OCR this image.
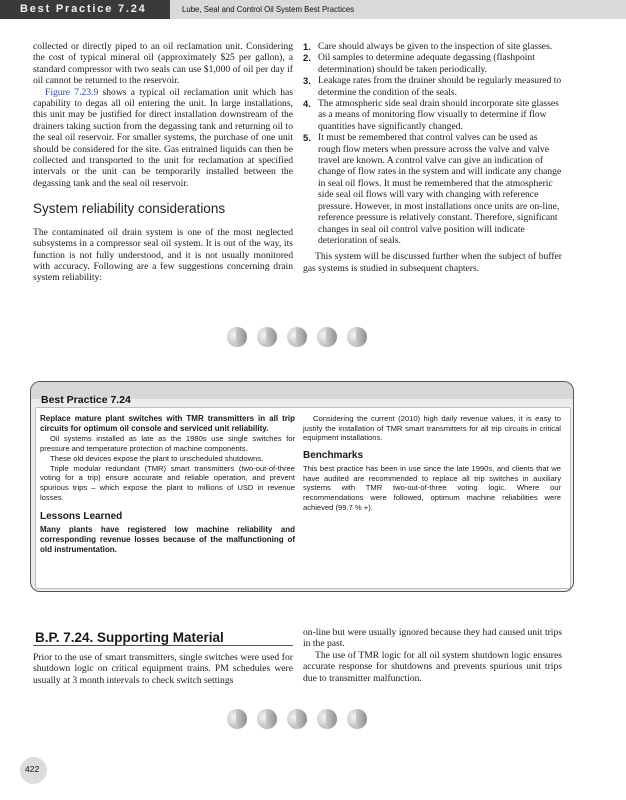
Best Practice 7.24	Lube, Seal and Control Oil System Best Practices

collected or directly piped to an oil reclamation unit. Considering the cost of typical mineral oil (approximately $25 per gallon), a standard compressor with two seals can use $1,000 of oil per day if oil cannot be returned to the reservoir.

Figure 7.23.9 shows a typical oil reclamation unit which has capability to degas all oil entering the unit. In large installations, this unit may be justified for direct installation downstream of the drainers taking suction from the degassing tank and returning oil to the seal oil reservoir. For smaller systems, the purchase of one unit should be considered for the site. Gas entrained liquids can then be collected and transported to the unit for reclamation at specified intervals or the unit can be temporarily installed between the degassing tank and the seal oil reservoir.

System reliability considerations

The contaminated oil drain system is one of the most neglected subsystems in a compressor seal oil system. It is out of the way, its function is not fully understood, and it is not usually monitored with accuracy. Following are a few suggestions concerning drain system reliability:

1. Care should always be given to the inspection of site glasses.
2. Oil samples to determine adequate degassing (flashpoint determination) should be taken periodically.
3. Leakage rates from the drainer should be regularly measured to determine the condition of the seals.
4. The atmospheric side seal drain should incorporate site glasses as a means of monitoring flow visually to determine if flow quantities have significantly changed.
5. It must be remembered that control valves can be used as rough flow meters when pressure across the valve and valve travel are known. A control valve can give an indication of change of flow rates in the system and will indicate any change in seal oil flows. It must be remembered that the atmospheric side seal oil flows will vary with changing with reference pressure. However, in most installations once units are on-line, reference pressure is relatively constant. Therefore, significant changes in seal oil control valve position will indicate deterioration of seals.

This system will be discussed further when the subject of buffer gas systems is studied in subsequent chapters.

Best Practice 7.24

Replace mature plant switches with TMR transmitters in all trip circuits for optimum oil console and serviced unit reliability.

Oil systems installed as late as the 1980s use single switches for pressure and temperature protection of machine components.

These old devices expose the plant to unscheduled shutdowns.

Triple modular redundant (TMR) smart transmitters (two-out-of-three voting for a trip) ensure accurate and reliable operation, and prevent spurious trips – which expose the plant to millions of USD in revenue losses.

Lessons Learned

Many plants have registered low machine reliability and corresponding revenue losses because of the malfunctioning of old instrumentation.

Considering the current (2010) high daily revenue values, it is easy to justify the installation of TMR smart transmitters for all trip circuits in critical equipment installations.

Benchmarks

This best practice has been in use since the late 1990s, and clients that we have audited are recommended to replace all trip switches in auxiliary systems with TMR two-out-of-three voting logic. Where our recommendations were followed, optimum machine reliabilities were achieved (99.7 % +).

B.P. 7.24. Supporting Material

Prior to the use of smart transmitters, single switches were used for shutdown logic on critical equipment trains. PM schedules were usually at 3 month intervals to check switch settings

on-line but were usually ignored because they had caused unit trips in the past.

The use of TMR logic for all oil system shutdown logic ensures accurate response for shutdowns and prevents spurious unit trips due to transmitter malfunction.

422
